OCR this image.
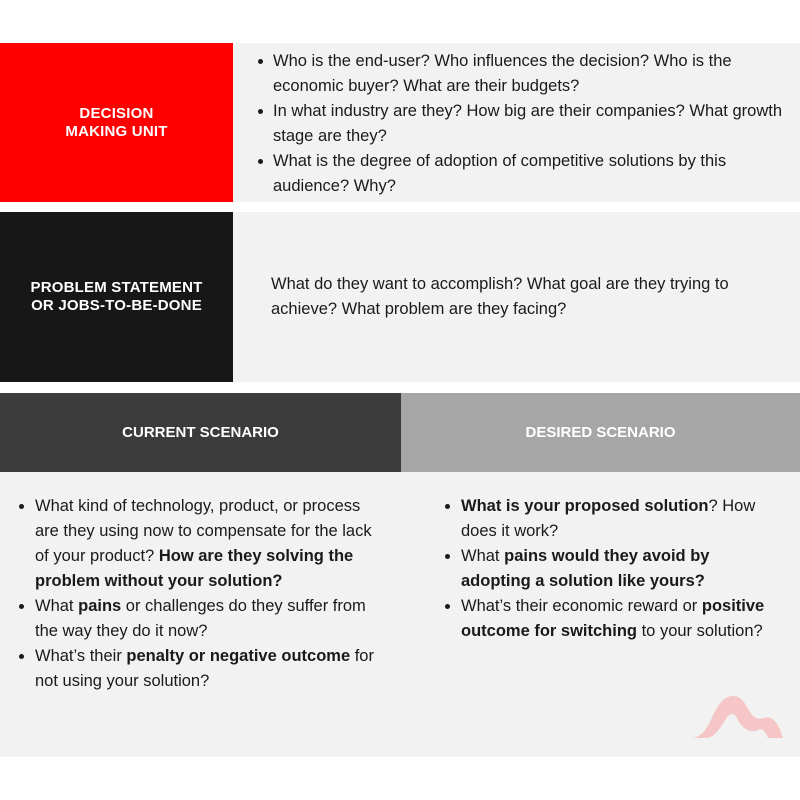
DECISION
MAKING UNIT
Who is the end-user? Who influences the decision? Who is the economic buyer? What are their budgets?
In what industry are they? How big are their companies? What growth stage are they?
What is the degree of adoption of competitive solutions by this audience? Why?
PROBLEM STATEMENT
OR JOBS-TO-BE-DONE
What do they want to accomplish? What goal are they trying to achieve? What problem are they facing?
CURRENT SCENARIO	DESIRED SCENARIO
What kind of technology, product, or process are they using now to compensate for the lack of your product? How are they solving the problem without your solution?
What pains or challenges do they suffer from the way they do it now?
What’s their penalty or negative outcome for not using your solution?
What is your proposed solution? How does it work?
What pains would they avoid by adopting a solution like yours?
What’s their economic reward or positive outcome for switching to your solution?
